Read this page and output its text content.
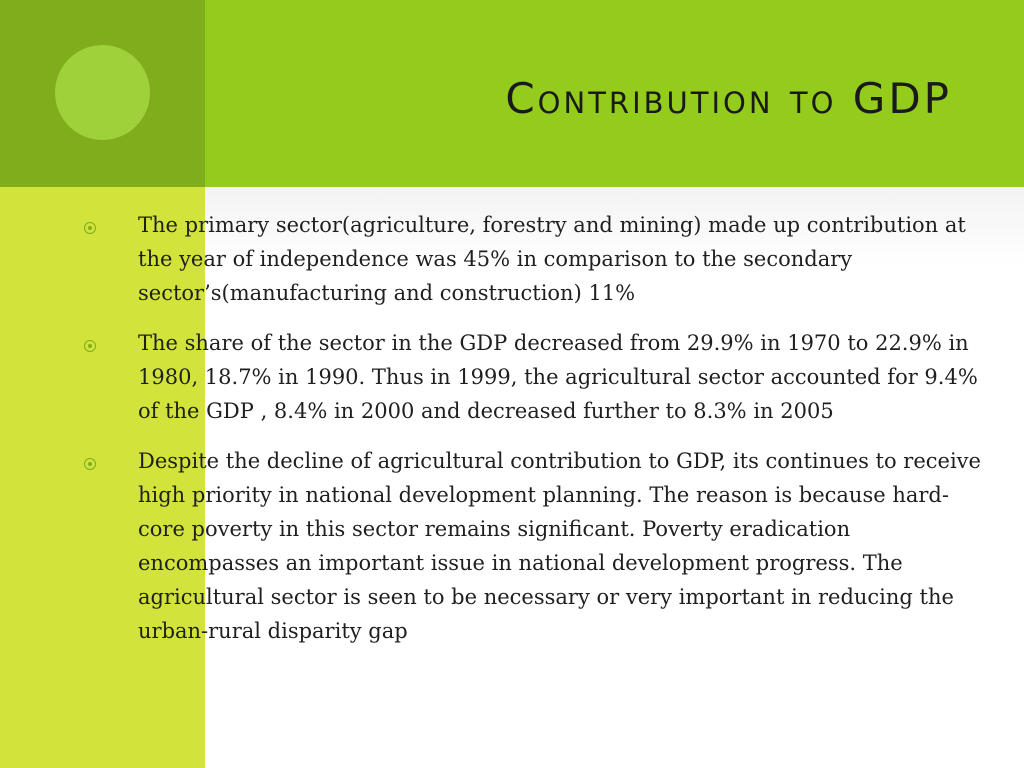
Contribution to GDP
The primary sector(agriculture, forestry and mining) made up contribution at the year of independence was 45% in comparison to the secondary sector’s(manufacturing and construction) 11%
The share of the sector in the GDP decreased from 29.9% in 1970 to 22.9% in 1980, 18.7% in 1990. Thus in 1999, the agricultural sector accounted for 9.4% of the GDP , 8.4% in 2000 and decreased further to 8.3% in 2005
Despite the decline of agricultural contribution to GDP, its continues to receive high priority in national development planning. The reason is because hard-core poverty in this sector remains significant. Poverty eradication encompasses an important issue in national development progress. The agricultural sector is seen to be necessary or very important in reducing the urban-rural disparity gap
